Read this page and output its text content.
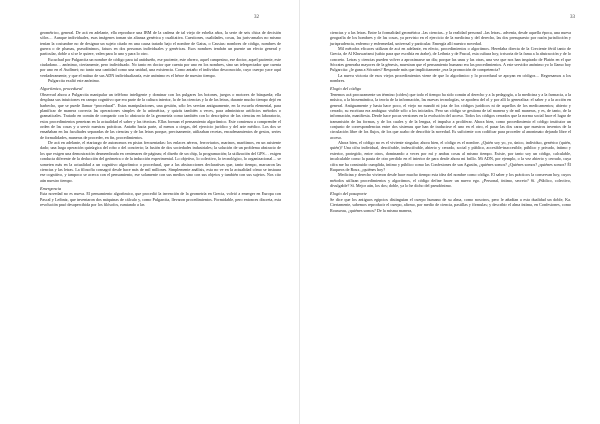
32

geométrico, general. De acá en adelante, ella reproduce una IBM de la cadena de tal viejo de esbelta años, la serie de seis chica de decisión sólos… Aunque individuales, esas imágenes toman sin alianza genérica y cualitativa. Cuestiones, cualidades, cosas, las juris-amalos no mismo tenían la costumbre no de designar un sujeto citado en una causa tratado bajo el nombre de Gaius, o Cassius: nombres de código, nombres de guerra o de plumas, pseudónimos, fatuos en dos personas individuales y genéricas. Esos nombres tendrán un puente un efecto general y particular, doble a sí se le quiere, valen para lo uno y para lo otro.

Escuchad por Pulgarcita un nombre de código para tal antidueño, ese paciente, este obrero, aquel campesino, ese doctor, aquel paciente, este ciudadano… anónimo, ciertamente, pero individuado. No tanto en doctor que cuenta por uno en los nombres, sino un telespectador que cuenta por uno en el Audímet; no tanto una cantidad como una unidad, una existencia. Como antaño el individuo desconocido, cuyo cuerpo yace aquí verdaderamente, y que el mútuo de sus ADN individualizaría, este anónimo es el héroe de nuestro tiempo.

Pulgarcita exaltó este anónimo.

Algorítmico, procedural

Observad ahora a Pulgarcita manipular un teléfono inteligente y dominar con los pulgares los botones, juegos o motores de búsqueda; ella desplaza sus intuiciones en campo cognitivo que era parte de la cultura interior, la de las ciencias y la de las letras, durante mucho tiempo dejó en barbecho, que se puede llamar “procedural”. Estas manipulaciones, una gestión, sólo les servían antiguamente, en la escuela elemental, para planificar de manera correcta las operaciones simples de la aritmética, y quizás también a veces, para administrar artificios métodos o gramaticales. Tratado en común de compartir con lo abstracto de la geometría como también con lo descriptivo de las ciencias en laboratorio, estos procedimientos penetran en la actualidad el saber y las técnicas. Ellas forman el pensamiento algorítmico. Este comienza a comprender el orden de las cosas y a servir nuestras prácticas. Antaño hacia parte, al menos a ciegas, del ejercicio jurídico y del arte médico. Los dos se ensañaban en las facultades separadas de las ciencias y de las letras porque, precisamente, utilizaban recetas, encadenamientos de gestos, series de formalidades, maneras de proceder, en fin, procedimientos.

De acá en adelante, el etariazgo de autonomos en pistas frecuentadas: los enlaces aéreos, ferroviarios, marinos, marítimos, en un asistente dado; una larga operación quirúrgica del robo o del concierto; la fusión de dos sociedades industriales; la solución de un problema abstracto de los que exigen una demostración desmembrada en centenares de páginas; el diseño de un chip, la programación; la utilización del GPS… exigen conducta diferente de la deducción del geómetra o de la inducción experimental. Lo objetivo, lo colectivo, lo tecnológico, lo organizacional… se someten más en la actualidad a un cognitivo algorítmico o procedural, que a las abstracciones declarativas que, tanto tiempo, marcaron las ciencias y las letras. La filosofía consagró desde hace más de mil millones. Simplemente análisis, esta no ve en la actualidad cómo se instaura ese cognitivo, y tampoco se acerca con el pensamiento, ese solamente con sus medios sino con sus objetos y también con sus sujetos. Nos cito aún nuestro tiempo.

Emergencia

Esta novedad no es nueva. El pensamiento algorítmico, que procedió la invención de la geometría en Grecia, volvió a emerger en Europa con Pascal y Leibniz, que inventaron dos máquinas de cálculo y, como Pulgarcita, llevaron procedimientos. Formidable, pero entonces discreta, esta revolución pasó desapercibida por los filósofos, rumiando a las

33

ciencias y a las letras. Entre la formalidad geométrica –las ciencias– y la realidad personal –las letras– advenía, desde aquella época, una nueva geografía de los hombres y de las cosas, ya previsto en el ejercicio de la medicina y del derecho, las dos presupuesto por razón jurisdicción y jurisprudencia, enfermo y enfermedad, universal y particular. Emergía allí nuestro novedad.

Mil métodos eficaces utilizan de acá en adelante, en efecto, procedimientos o algoritmos. Heredaba directa de la Creciente fértil tanto de Grecia, de Al Khuwarizmi (sabio para que escribía en árabe), de Leibniz y de Pascal, esta cultura hoy, irrisoria de la fama a la abstracción y de lo concreto. Letras y ciencias pueden volver a aproximarse un día; porque las unas y las otras, una vez que nos han inspirado de Platón en el que Sócrates generaba mayores de la génesis, muestran que el pensamiento humano era las procedimientos. A este servidor anónimo yo lo llamo hoy Pulgarcita: ¿le gana a Sócrates? Responde más que implícitamente ¿era la promoción de competencia?

La nueva victoria de esos viejos procedimientos viene de que lo algorítmico y lo procedural se apoyan en códigos… Regresamos a los nombres.

Elogio del código

Tenemos acá procuramente un término (códex) que todo el tiempo ha sido común al derecho y a la pedagogía, a la medicina y a la farmacia, a la música, a la biosemántica, la teoría de la información, las nuevas tecnologías, se apodera del ol y por allí lo generaliza: el saber y a la acción en general. Antiguamente y hasta hace poco, el viejo no mandó ni jota de los códigos jurídicos ni de aquellos de los medicamentos; abierto y cerrado, su escritura era ambigua: visible sólo a los iniciados. Pero un código se gestiona de tal manera y de mil maneras, y es, de tanto, de la información, manifiesta. Desde hace pocas versiones en la evolución del acceso. Todos los códigos cerrados que la norma social hace el lugar de transmisión de las formas, y de los cuales y de la lengua, el impulso a proliferar. Ahora bien, como procedimiento el código institutor un conjunto de correspondencias entre dos sistemas que han de traducirse el uno en el otro, el pasar las dos caras que nuestros inventos de la circulación libre de los flujos, de los que acabo de describir la novedad. Es suficiente con codificar para proceder al anonimato dejando libre el acceso.

Ahora bien, el código no es el viviente singular; ahora bien, el código es el nombre. ¿Quién soy yo, yo, único, individuo, genérico (quién, quién)? Una cifra individual, descifrable, indescifrable, abierto y cerrado, social y público, accesible-inaccesible, público y privado, íntimo y exterior, protegido, entre otros, dominando a veces por mí y ambas cosas al mismo tiempo. Existe, por tanto soy un código, calculable, incalculable como la pauta de otro perdido en el interior de para desde ahora mi brillo. Mi ADN, por ejemplo, o la vez abierto y cerrado, cuya cifra me ha construido cumplida, íntimo y público como las Confesiones de san Agustín, ¿quiénes somos? ¿Quiénes somos? ¿quiénes somos? Él Ruqueos de Roux, ¿quiénes hoy?

Medicina y derecho vivieron desde hace mucho tiempo esta idea del nombre como código. El saber y los prácticos la conservan hoy, cuyos métodos utilizan procedimientos y algoritmos, el código define hacer un nuevo ego. ¿Personal, íntimo, secreto? Sí. ¿Público, colectivo, divulgable? Sí. Mejor aún, los dos; doble, ya lo he dicho del pseudónimo.

Elogio del pasaporte

Se dice que los antiguos egipcios distinguían el cuerpo humano de su alma, como nosotros, pero le añadían a esta dualidad un doble, Ka. Ciertamente, sabemos reproducir el cuerpo, afirmo, por medio de ciencia, pastillas y fórmulas; y describir el alma íntima, en Confesiones, como Rousseau, ¿quiénes somos? De la misma manera,
